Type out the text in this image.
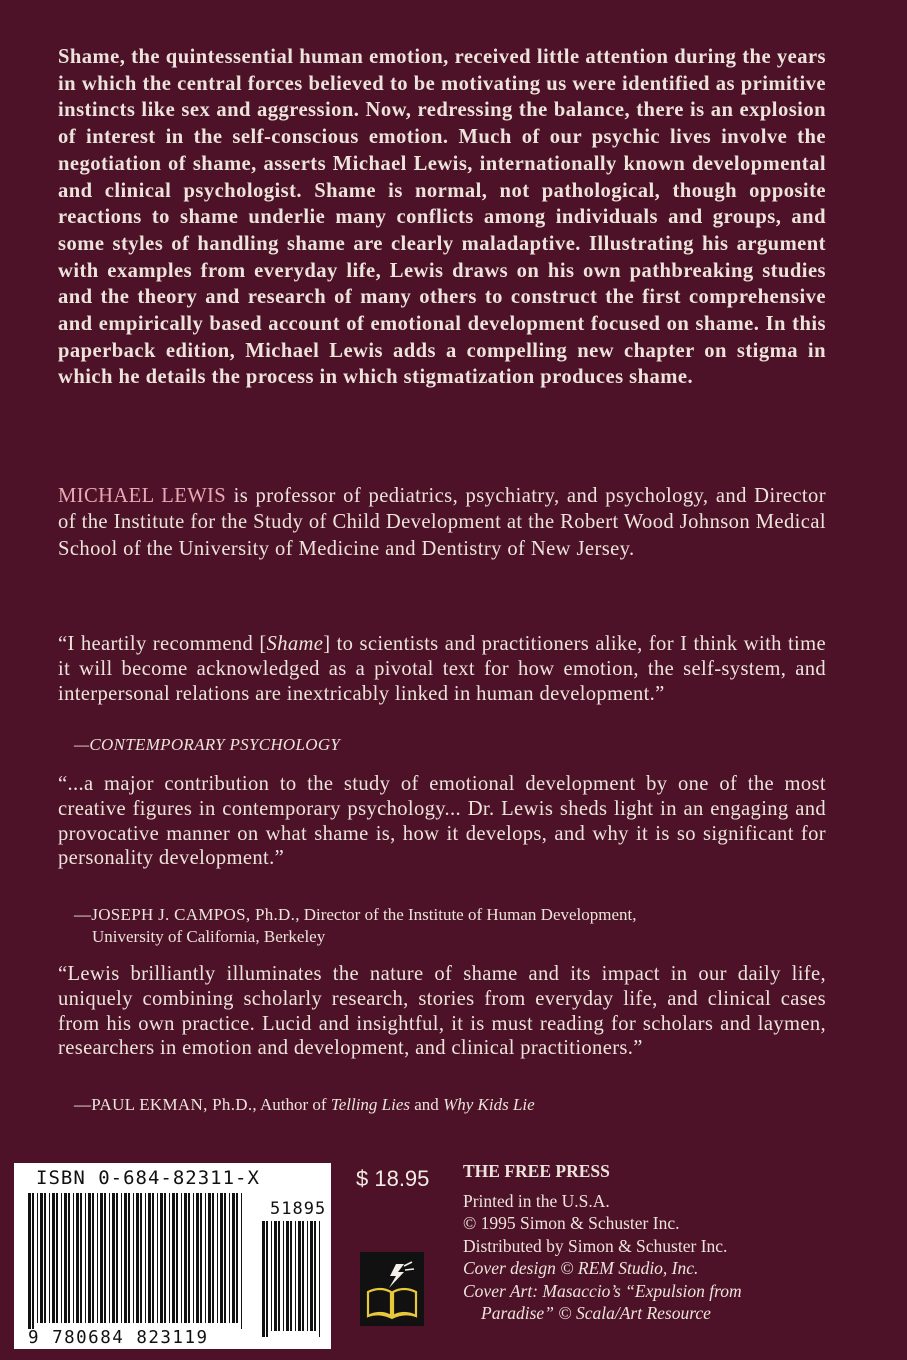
Shame, the quintessential human emotion, received little attention during the years in which the central forces believed to be motivating us were identified as primitive instincts like sex and aggression. Now, redressing the balance, there is an explosion of interest in the self-conscious emotion. Much of our psychic lives involve the negotiation of shame, asserts Michael Lewis, internationally known developmental and clinical psychologist. Shame is normal, not pathological, though opposite reactions to shame underlie many conflicts among individuals and groups, and some styles of handling shame are clearly maladaptive. Illustrating his argument with examples from everyday life, Lewis draws on his own pathbreaking studies and the theory and research of many others to construct the first comprehensive and empirically based account of emotional development focused on shame. In this paperback edition, Michael Lewis adds a compelling new chapter on stigma in which he details the process in which stigmatization produces shame.

MICHAEL LEWIS is professor of pediatrics, psychiatry, and psychology, and Director of the Institute for the Study of Child Development at the Robert Wood Johnson Medical School of the University of Medicine and Dentistry of New Jersey.

“I heartily recommend [Shame] to scientists and practitioners alike, for I think with time it will become acknowledged as a pivotal text for how emotion, the self-system, and interpersonal relations are inextricably linked in human development.”

—CONTEMPORARY PSYCHOLOGY

“...a major contribution to the study of emotional development by one of the most creative figures in contemporary psychology... Dr. Lewis sheds light in an engaging and provocative manner on what shame is, how it develops, and why it is so significant for personality development.”

—JOSEPH J. CAMPOS, Ph.D., Director of the Institute of Human Development,
University of California, Berkeley

“Lewis brilliantly illuminates the nature of shame and its impact in our daily life, uniquely combining scholarly research, stories from everyday life, and clinical cases from his own practice. Lucid and insightful, it is must reading for scholars and laymen, researchers in emotion and development, and clinical practitioners.”

—PAUL EKMAN, Ph.D., Author of Telling Lies and Why Kids Lie

51895
9 780684 823119
ISBN 0-684-82311-X	$ 18.95 THE FREE PRESS
Printed in the U.S.A.
© 1995 Simon & Schuster Inc.
Distributed by Simon & Schuster Inc.
Cover design © REM Studio, Inc.
Cover Art: Masaccio’s “Expulsion from
Paradise” © Scala/Art Resource
